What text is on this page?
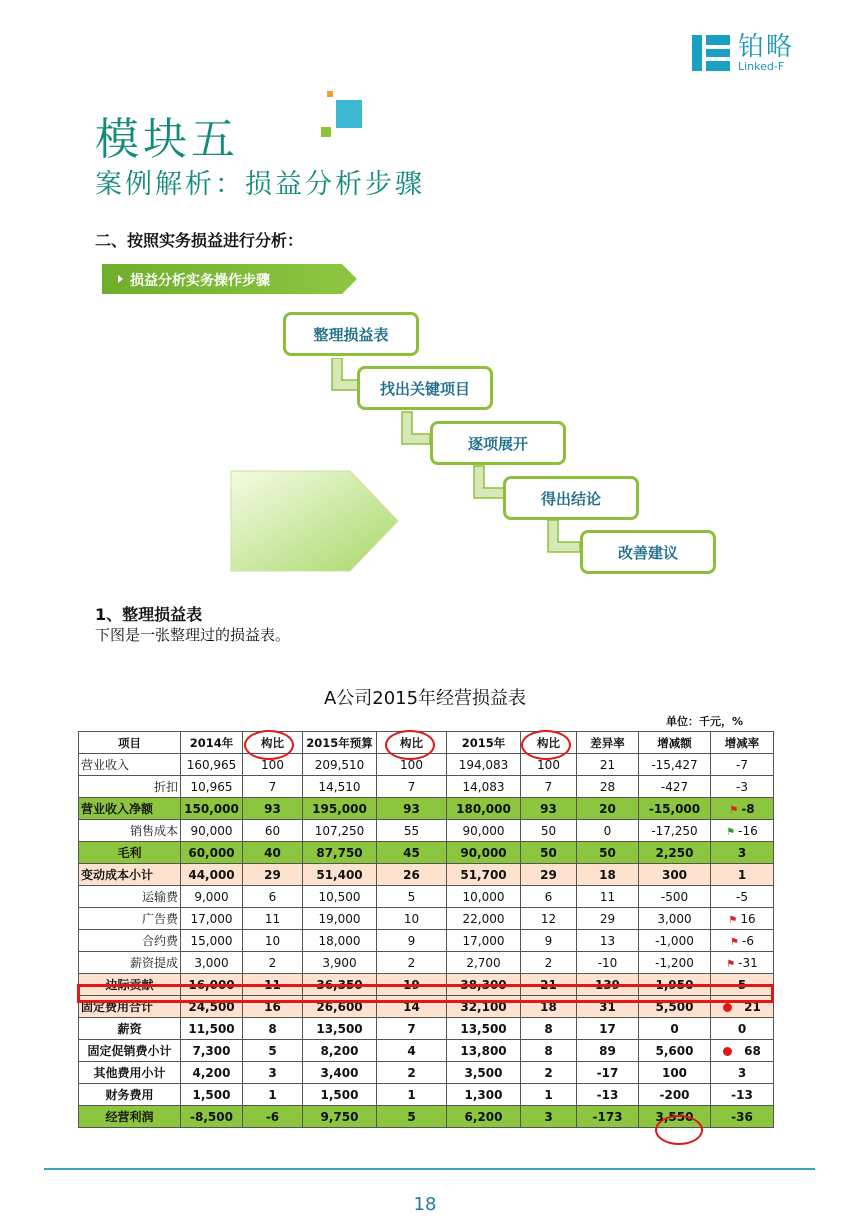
铂略
Linked-F
模块五
案例解析：损益分析步骤
二、按照实务损益进行分析：
损益分析实务操作步骤
整理损益表
找出关键项目
逐项展开
得出结论
改善建议
1、整理损益表
下图是一张整理过的损益表。
A公司2015年经营损益表
单位：千元，%
项目	2014年	构比	2015年预算	构比	2015年	构比	差异率	增减额	增减率
营业收入	160,965	100	209,510	100	194,083	100	21	-15,427	-7
折扣	10,965	7	14,510	7	14,083	7	28	-427	-3
营业收入净额	150,000	93	195,000	93	180,000	93	20	-15,000	⚑ -8
销售成本	90,000	60	107,250	55	90,000	50	0	-17,250	⚑ -16
毛利	60,000	40	87,750	45	90,000	50	50	2,250	3
变动成本小计	44,000	29	51,400	26	51,700	29	18	300	1
运输费	9,000	6	10,500	5	10,000	6	11	-500	-5
广告费	17,000	11	19,000	10	22,000	12	29	3,000	⚑ 16
合约费	15,000	10	18,000	9	17,000	9	13	-1,000	⚑ -6
薪资提成	3,000	2	3,900	2	2,700	2	-10	-1,200	⚑ -31
边际贡献	16,000	11	36,350	19	38,300	21	139	1,950	5
固定费用合计	24,500	16	26,600	14	32,100	18	31	5,500	21
薪资	11,500	8	13,500	7	13,500	8	17	0	0
固定促销费小计	7,300	5	8,200	4	13,800	8	89	5,600	68
其他费用小计	4,200	3	3,400	2	3,500	2	-17	100	3
财务费用	1,500	1	1,500	1	1,300	1	-13	-200	-13
经营利润	-8,500	-6	9,750	5	6,200	3	-173	3,550	-36
18
